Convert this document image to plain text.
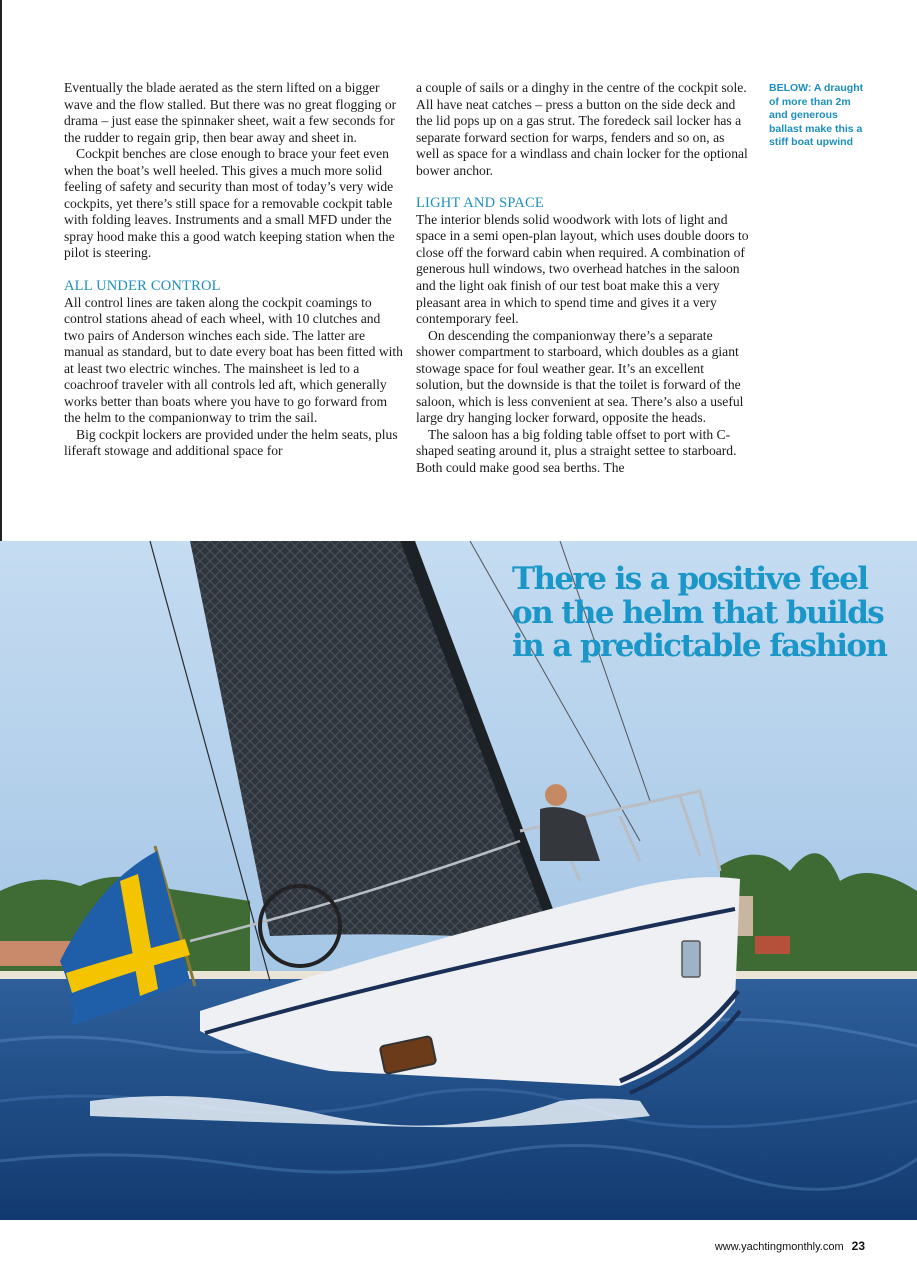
Eventually the blade aerated as the stern lifted on a bigger wave and the flow stalled. But there was no great flogging or drama – just ease the spinnaker sheet, wait a few seconds for the rudder to regain grip, then bear away and sheet in.

Cockpit benches are close enough to brace your feet even when the boat’s well heeled. This gives a much more solid feeling of safety and security than most of today’s very wide cockpits, yet there’s still space for a removable cockpit table with folding leaves. Instruments and a small MFD under the spray hood make this a good watch keeping station when the pilot is steering.

ALL UNDER CONTROL

All control lines are taken along the cockpit coamings to control stations ahead of each wheel, with 10 clutches and two pairs of Anderson winches each side. The latter are manual as standard, but to date every boat has been fitted with at least two electric winches. The mainsheet is led to a coachroof traveler with all controls led aft, which generally works better than boats where you have to go forward from the helm to the companionway to trim the sail.

Big cockpit lockers are provided under the helm seats, plus liferaft stowage and additional space for

a couple of sails or a dinghy in the centre of the cockpit sole. All have neat catches – press a button on the side deck and the lid pops up on a gas strut. The foredeck sail locker has a separate forward section for warps, fenders and so on, as well as space for a windlass and chain locker for the optional bower anchor.

LIGHT AND SPACE

The interior blends solid woodwork with lots of light and space in a semi open-plan layout, which uses double doors to close off the forward cabin when required. A combination of generous hull windows, two overhead hatches in the saloon and the light oak finish of our test boat make this a very pleasant area in which to spend time and gives it a very contemporary feel.

On descending the companionway there’s a separate shower compartment to starboard, which doubles as a giant stowage space for foul weather gear. It’s an excellent solution, but the downside is that the toilet is forward of the saloon, which is less convenient at sea. There’s also a useful large dry hanging locker forward, opposite the heads.

The saloon has a big folding table offset to port with C-shaped seating around it, plus a straight settee to starboard. Both could make good sea berths. The

BELOW: A draught of more than 2m and generous ballast make this a stiff boat upwind
There is a positive feel on the helm that builds in a predictable fashion
www.yachtingmonthly.com 23
